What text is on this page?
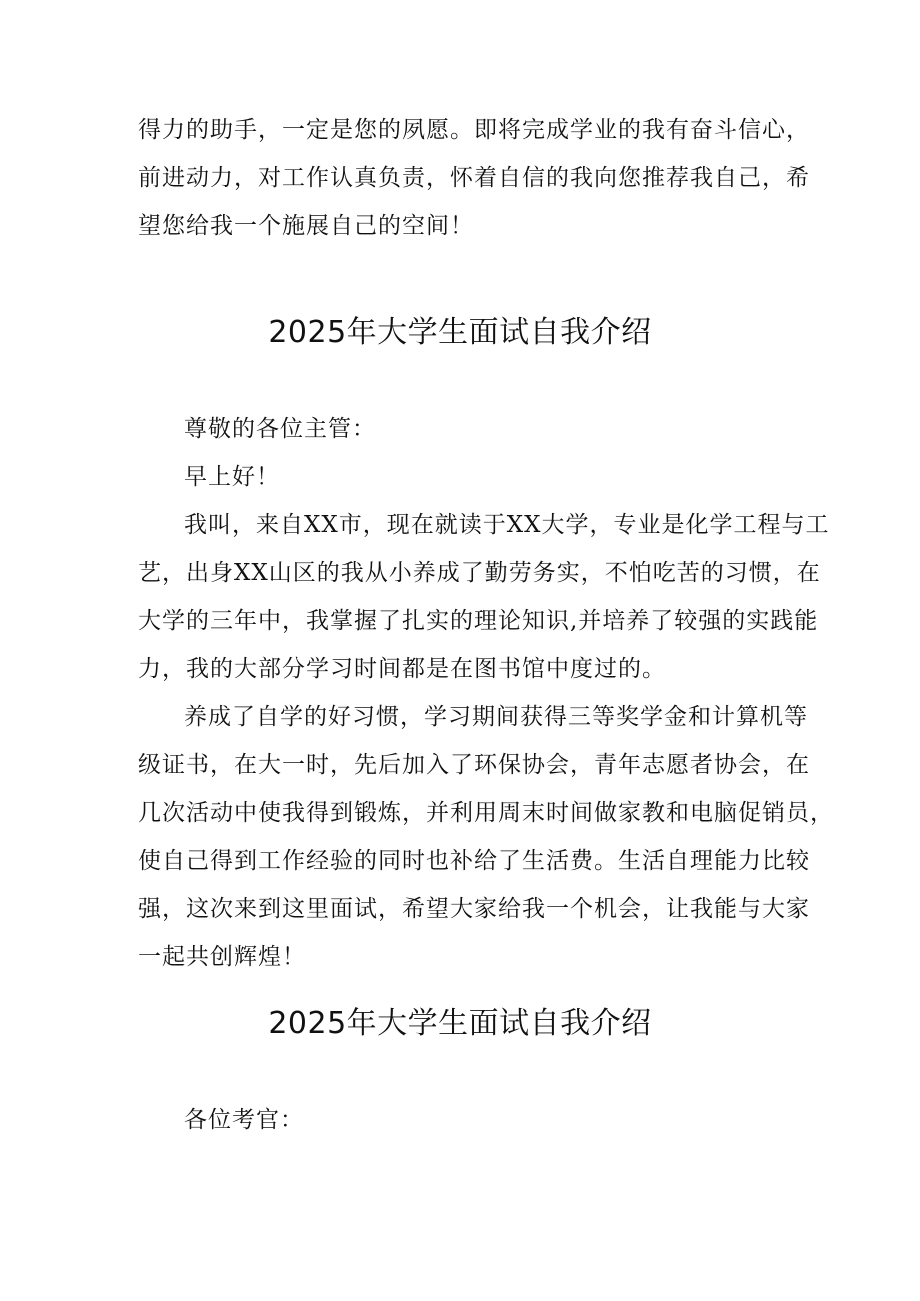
得力的助手，一定是您的夙愿。即将完成学业的我有奋斗信心，
前进动力，对工作认真负责，怀着自信的我向您推荐我自己，希
望您给我一个施展自己的空间！
2025年大学生面试自我介绍
尊敬的各位主管：
早上好！
我叫，来自XX市，现在就读于XX大学，专业是化学工程与工
艺，出身XX山区的我从小养成了勤劳务实，不怕吃苦的习惯，在
大学的三年中，我掌握了扎实的理论知识,并培养了较强的实践能
力，我的大部分学习时间都是在图书馆中度过的。
养成了自学的好习惯，学习期间获得三等奖学金和计算机等
级证书，在大一时，先后加入了环保协会，青年志愿者协会，在
几次活动中使我得到锻炼，并利用周末时间做家教和电脑促销员，
使自己得到工作经验的同时也补给了生活费。生活自理能力比较
强，这次来到这里面试，希望大家给我一个机会，让我能与大家
一起共创辉煌！
2025年大学生面试自我介绍
各位考官：
